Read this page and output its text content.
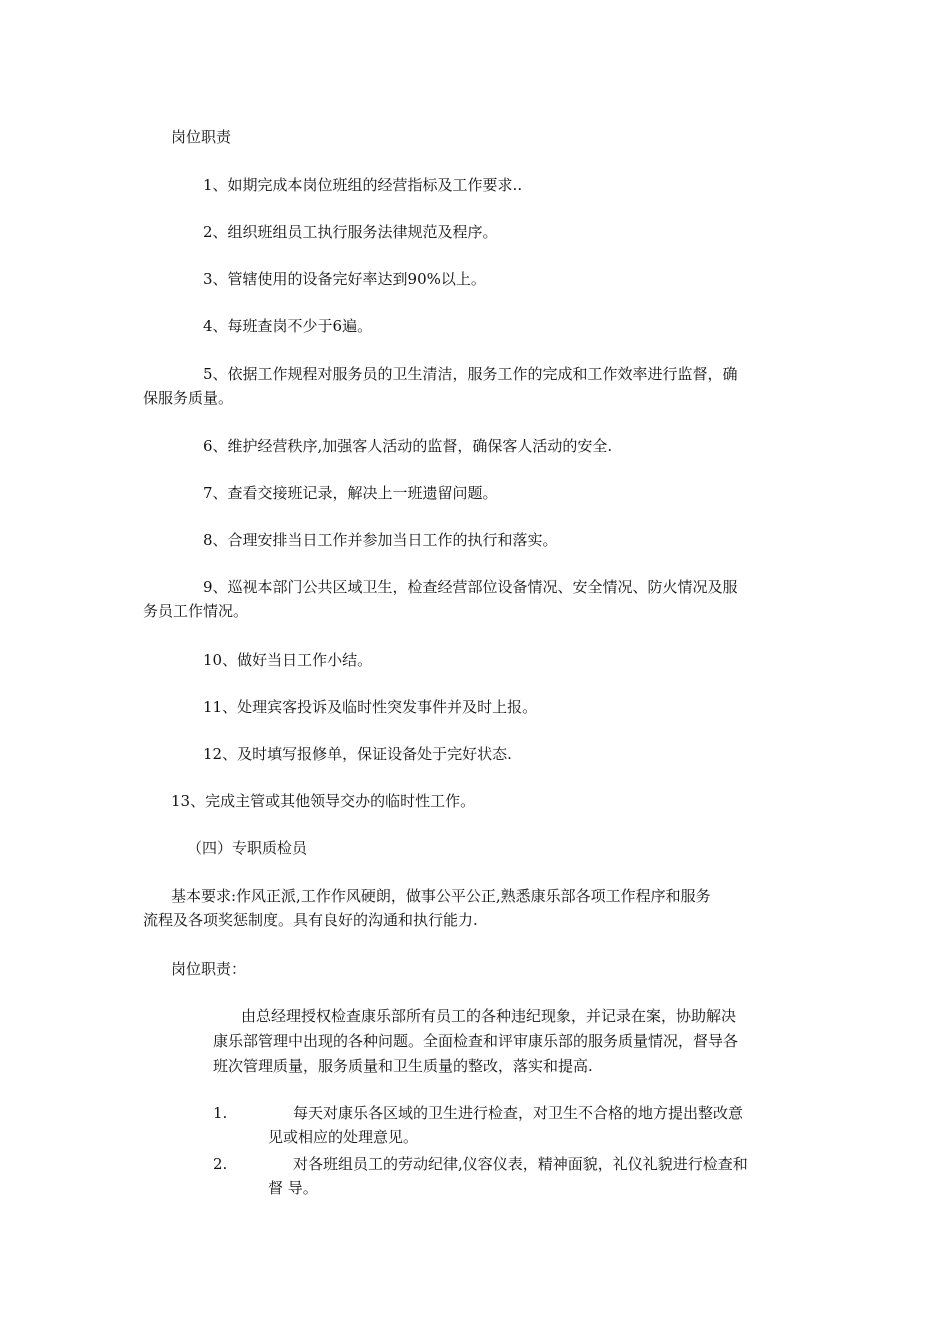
岗位职责
1、如期完成本岗位班组的经营指标及工作要求..
2、组织班组员工执行服务法律规范及程序。
3、管辖使用的设备完好率达到90%以上。
4、每班查岗不少于6遍。
5、依据工作规程对服务员的卫生清洁，服务工作的完成和工作效率进行监督，确
保服务质量。
6、维护经营秩序,加强客人活动的监督，确保客人活动的安全.
7、查看交接班记录，解决上一班遗留问题。
8、合理安排当日工作并参加当日工作的执行和落实。
9、巡视本部门公共区域卫生，检查经营部位设备情况、安全情况、防火情况及服
务员工作情况。
10、做好当日工作小结。
11、处理宾客投诉及临时性突发事件并及时上报。
12、及时填写报修单，保证设备处于完好状态.
13、完成主管或其他领导交办的临时性工作。
（四）专职质检员
基本要求:作风正派,工作作风硬朗，做事公平公正,熟悉康乐部各项工作程序和服务
流程及各项奖惩制度。具有良好的沟通和执行能力.
岗位职责：
由总经理授权检查康乐部所有员工的各种违纪现象，并记录在案，协助解决
康乐部管理中出现的各种问题。全面检查和评审康乐部的服务质量情况，督导各
班次管理质量，服务质量和卫生质量的整改，落实和提高.
1.	每天对康乐各区域的卫生进行检查，对卫生不合格的地方提出整改意
见或相应的处理意见。
2.	对各班组员工的劳动纪律,仪容仪表，精神面貌，礼仪礼貌进行检查和
督 导。
